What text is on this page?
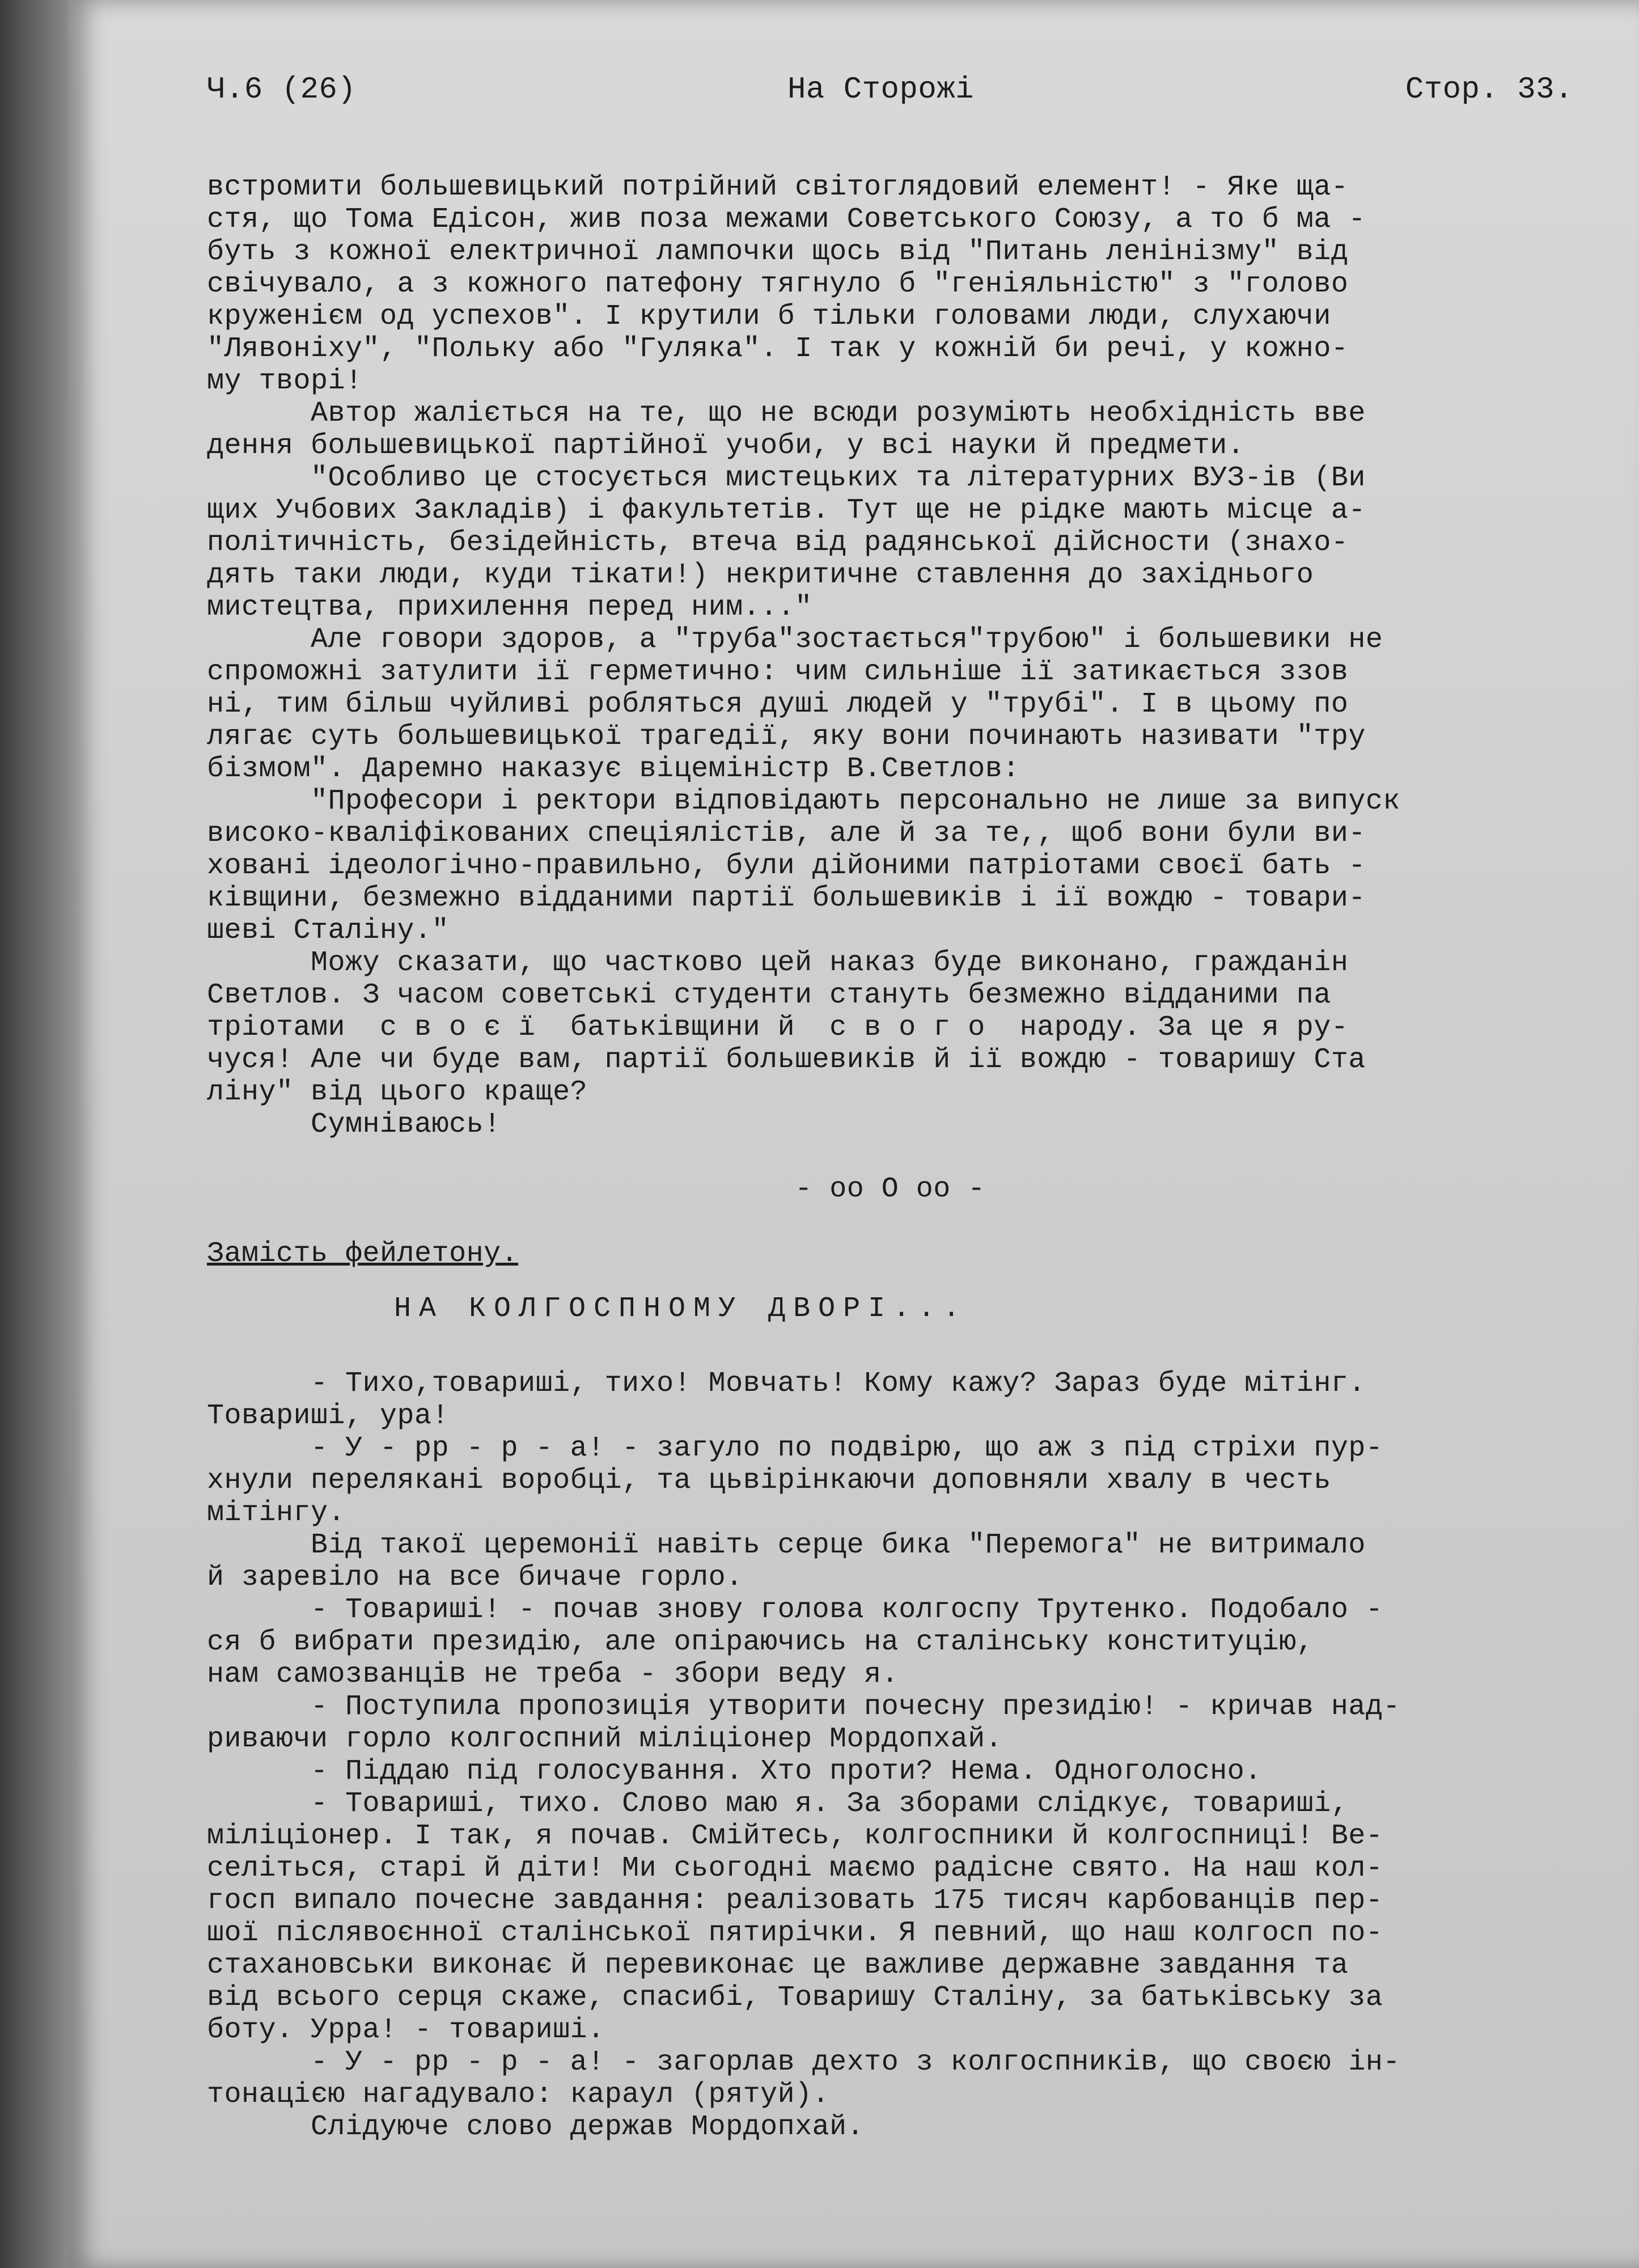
Ч.6 (26)	На Сторожі	Стор. 33.
встромити большевицький потрійний світоглядовий елемент! - Яке ща-
стя, що Тома Едісон, жив поза межами Советського Союзу, а то б ма -
буть з кожної електричної лампочки щось від "Питань ленінізму" від
свічувало, а з кожного патефону тягнуло б "геніяльністю" з "голово
круженієм од успехов". І крутили б тільки головами люди, слухаючи
"Лявоніху", "Польку або "Гуляка". І так у кожній би речі, у кожно-
му творі!
Автор жаліється на те, що не всюди розуміють необхідність вве
дення большевицької партійної учоби, у всі науки й предмети.
"Особливо це стосується мистецьких та літературних ВУЗ-ів (Ви
щих Учбових Закладів) і факультетів. Тут ще не рідке мають місце а-
політичність, безідейність, втеча від радянської дійсности (знахо-
дять таки люди, куди тікати!) некритичне ставлення до західнього
мистецтва, прихилення перед ним..."
Але говори здоров, а "труба"зостається"трубою" і большевики не
спроможні затулити ії герметично: чим сильніше ії затикається ззов
ні, тим більш чуйливі робляться душі людей у "трубі". І в цьому по
лягає суть большевицької трагедії, яку вони починають називати "тру
бізмом". Даремно наказує віцеміністр В.Светлов:
"Професори і ректори відповідають персонально не лише за випуск
високо-кваліфікованих спеціялістів, але й за те,, щоб вони були ви-
ховані ідеологічно-правильно, були дійоними патріотами своєї бать -
ківщини, безмежно відданими партії большевиків і ії вождю - товари-
шеві Сталіну."
Можу сказати, що частково цей наказ буде виконано, гражданін
Светлов. З часом советські студенти стануть безмежно відданими па
тріотами  с в о є ї  батьківщини й  с в о г о  народу. За це я ру-
чуся! Але чи буде вам, партії большевиків й ії вождю - товаришу Ста
ліну" від цього краще?
Сумніваюсь!
- оо О оо -
Замість фейлетону.
НА КОЛГОСПНОМУ ДВОРІ...
- Тихо,товариші, тихо! Мовчать! Кому кажу? Зараз буде мітінг.
Товариші, ура!
- У - рр - р - а! - загуло по подвірю, що аж з під стріхи пур-
хнули перелякані воробці, та цьвірінкаючи доповняли хвалу в честь
мітінгу.
Від такої церемонії навіть серце бика "Перемога" не витримало
й заревіло на все бичаче горло.
- Товариші! - почав знову голова колгоспу Трутенко. Подобало -
ся б вибрати президію, але опіраючись на сталінську конституцію,
нам самозванців не треба - збори веду я.
- Поступила пропозиція утворити почесну президію! - кричав над-
риваючи горло колгоспний міліціонер Мордопхай.
- Піддаю під голосування. Хто проти? Нема. Одноголосно.
- Товариші, тихо. Слово маю я. За зборами слідкує, товариші,
міліціонер. І так, я почав. Смійтесь, колгоспники й колгоспниці! Ве-
селіться, старі й діти! Ми сьогодні маємо радісне свято. На наш кол-
госп випало почесне завдання: реалізовать 175 тисяч карбованців пер-
шої післявоєнної сталінської пятирічки. Я певний, що наш колгосп по-
стахановськи виконає й перевиконає це важливе державне завдання та
від всього серця скаже, спасибі, Товаришу Сталіну, за батьківську за
боту. Урра! - товариші.
- У - рр - р - а! - загорлав дехто з колгоспників, що своєю ін-
тонацією нагадувало: караул (рятуй).
Слідуюче слово держав Мордопхай.
